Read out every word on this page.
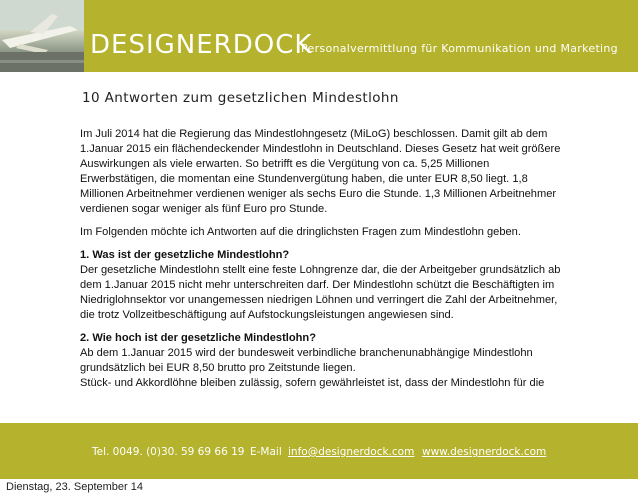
DESIGNERDOCK
Personalvermittlung für Kommunikation und Marketing
10 Antworten zum gesetzlichen Mindestlohn

Im Juli 2014 hat die Regierung das Mindestlohngesetz (MiLoG) beschlossen. Damit gilt ab dem 1.Januar 2015 ein flächendeckender Mindestlohn in Deutschland. Dieses Gesetz hat weit größere Auswirkungen als viele erwarten. So betrifft es die Vergütung von ca. 5,25 Millionen Erwerbstätigen, die momentan eine Stundenvergütung haben, die unter EUR 8,50 liegt. 1,8 Millionen Arbeitnehmer verdienen weniger als sechs Euro die Stunde. 1,3 Millionen Arbeitnehmer verdienen sogar weniger als fünf Euro pro Stunde.

Im Folgenden möchte ich Antworten auf die dringlichsten Fragen zum Mindestlohn geben.

1. Was ist der gesetzliche Mindestlohn?
Der gesetzliche Mindestlohn stellt eine feste Lohngrenze dar, die der Arbeitgeber grundsätzlich ab dem 1.Januar 2015 nicht mehr unterschreiten darf. Der Mindestlohn schützt die Beschäftigten im Niedriglohnsektor vor unangemessen niedrigen Löhnen und verringert die Zahl der Arbeitnehmer, die trotz Vollzeitbeschäftigung auf Aufstockungsleistungen angewiesen sind.

2. Wie hoch ist der gesetzliche Mindestlohn?
Ab dem 1.Januar 2015 wird der bundesweit verbindliche branchenunabhängige Mindestlohn grundsätzlich bei EUR 8,50 brutto pro Zeitstunde liegen.
Stück- und Akkordlöhne bleiben zulässig, sofern gewährleistet ist, dass der Mindestlohn für die

Tel. 0049. (0)30. 59 69 66 19 E-Mail info@designerdock.com www.designerdock.com
Dienstag, 23. September 14
